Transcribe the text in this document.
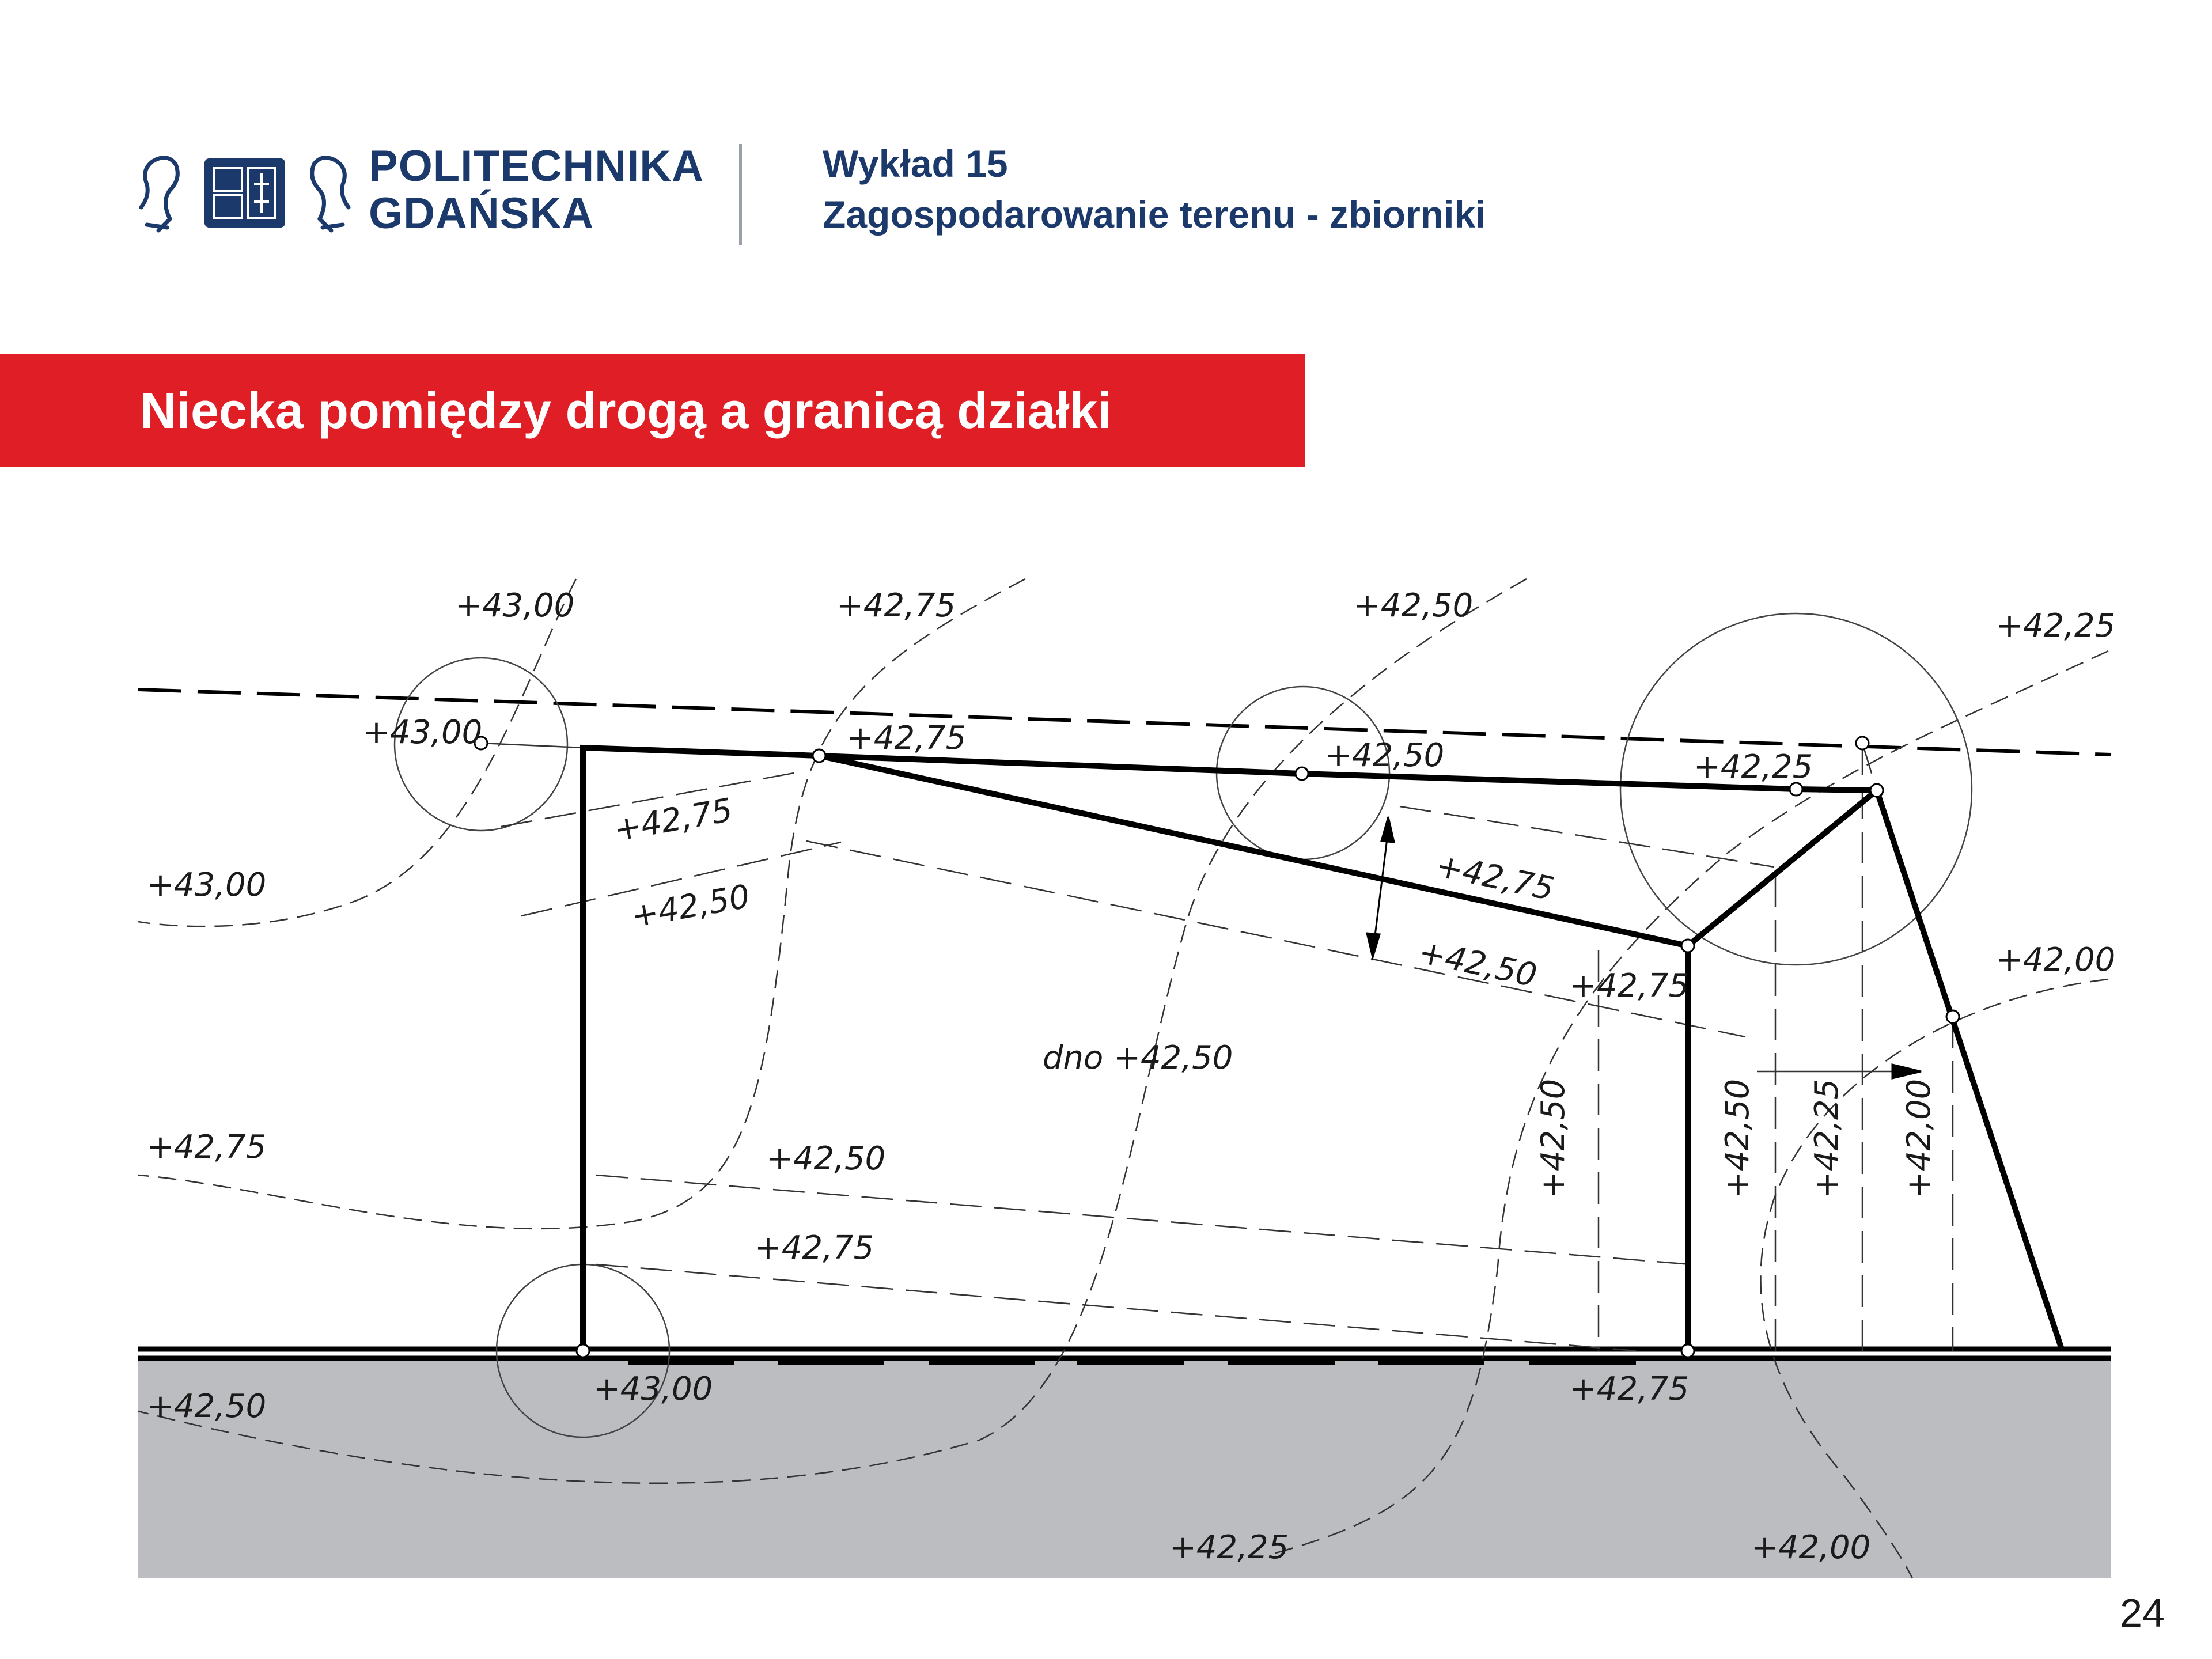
POLITECHNIKA
GDAŃSKA
Wykład 15
Zagospodarowanie terenu - zbiorniki
Niecka pomiędzy drogą a granicą działki
+43,00	+42,75	+42,50
+42,25
+43,00	+42,75	+42,50	+42,25
+42,75
+42,50	+42,75
+42,50 +42,75
+43,00
+42,75
+42,50
dno +42,50
+42,00
+42,50
+42,75
+43,00	+42,75
+42,25	+42,00
+42,50	+42,50 +42,25 +42,00
24
